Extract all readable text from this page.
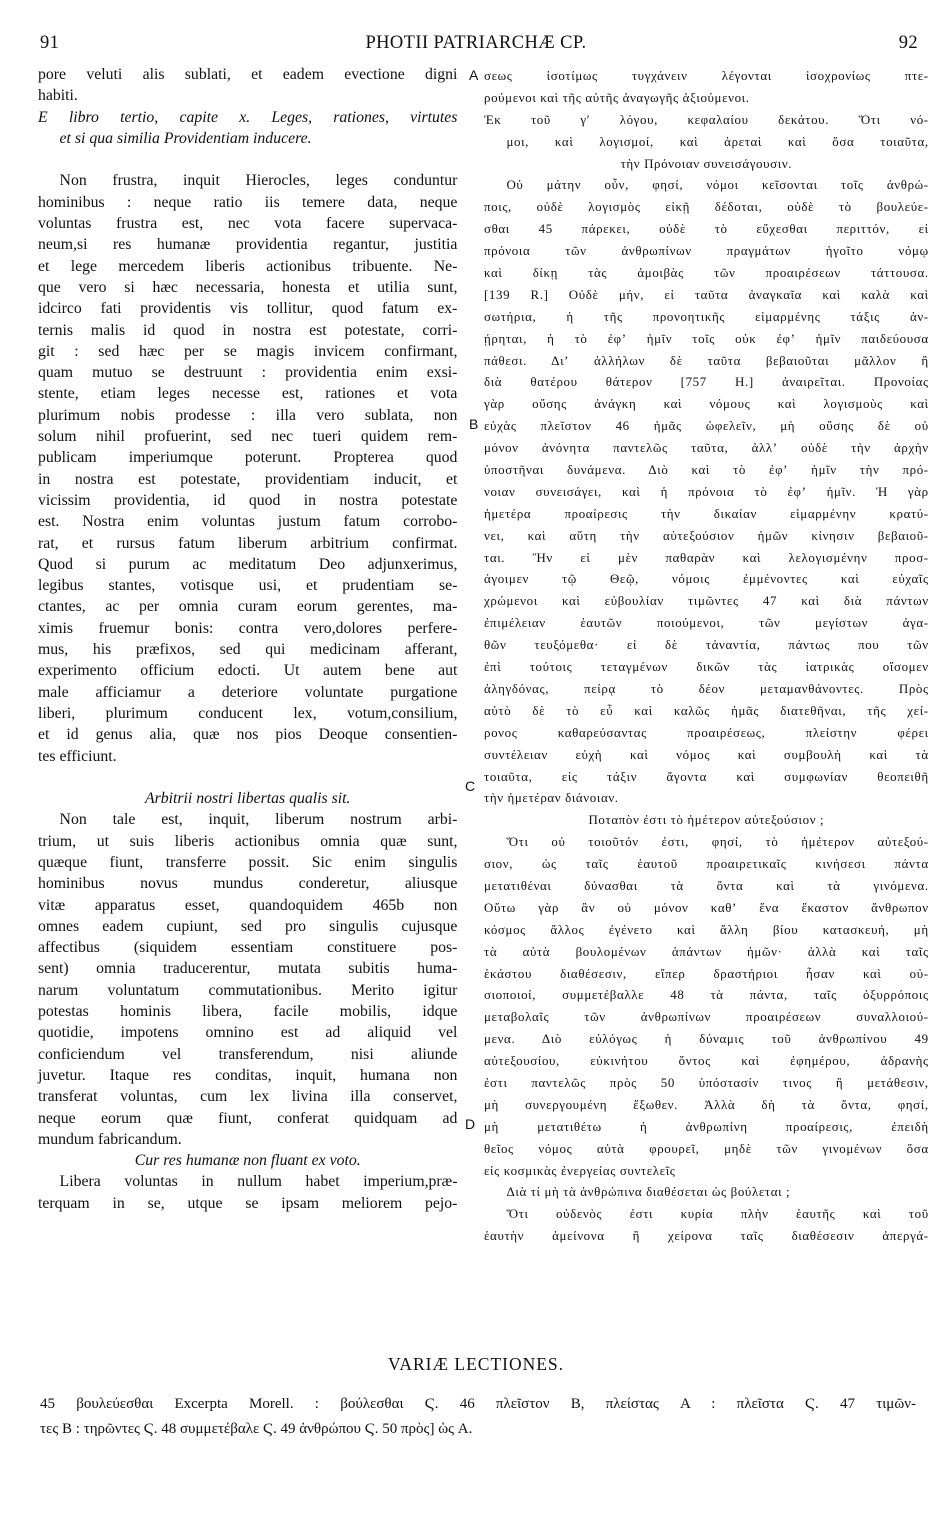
91	PHOTII PATRIARCHÆ CP.	92
A
B
C
D
pore veluti alis sublati, et eadem evectione digni
habiti.
E libro tertio, capite x. Leges, rationes, virtutes
et si qua similia Providentiam inducere.
Non frustra, inquit Hierocles, leges conduntur
hominibus : neque ratio iis temere data, neque
voluntas frustra est, nec vota facere supervaca-
neum,si res humanæ providentia regantur, justitia
et lege mercedem liberis actionibus tribuente. Ne-
que vero si hæc necessaria, honesta et utilia sunt,
idcirco fati providentis vis tollitur, quod fatum ex-
ternis malis id quod in nostra est potestate, corri-
git : sed hæc per se magis invicem confirmant,
quam mutuo se destruunt : providentia enim exsi-
stente, etiam leges necesse est, rationes et vota
plurimum nobis prodesse : illa vero sublata, non
solum nihil profuerint, sed nec tueri quidem rem-
publicam imperiumque poterunt. Propterea quod
in nostra est potestate, providentiam inducit, et
vicissim providentia, id quod in nostra potestate
est. Nostra enim voluntas justum fatum corrobo-
rat, et rursus fatum liberum arbitrium confirmat.
Quod si purum ac meditatum Deo adjunxerimus,
legibus stantes, votisque usi, et prudentiam se-
ctantes, ac per omnia curam eorum gerentes, ma-
ximis fruemur bonis: contra vero,dolores perfere-
mus, his præfixos, sed qui medicinam afferant,
experimento officium edocti. Ut autem bene aut
male afficiamur a deteriore voluntate purgatione
liberi, plurimum conducent lex, votum,consilium,
et id genus alia, quæ nos pios Deoque consentien-
tes efficiunt.
Arbitrii nostri libertas qualis sit.
Non tale est, inquit, liberum nostrum arbi-
trium, ut suis liberis actionibus omnia quæ sunt,
quæque fiunt, transferre possit. Sic enim singulis
hominibus novus mundus conderetur, aliusque
vitæ apparatus esset, quandoquidem 465b non
omnes eadem cupiunt, sed pro singulis cujusque
affectibus (siquidem essentiam constituere pos-
sent) omnia traducerentur, mutata subitis huma-
narum voluntatum commutationibus. Merito igitur
potestas hominis libera, facile mobilis, idque
quotidie, impotens omnino est ad aliquid vel
conficiendum vel transferendum, nisi aliunde
juvetur. Itaque res conditas, inquit, humana non
transferat voluntas, cum lex livina illa conservet,
neque eorum quæ fiunt, conferat quidquam ad
mundum fabricandum.
Cur res humanæ non fluant ex voto.
Libera voluntas in nullum habet imperium,præ-
terquam in se, utque se ipsam meliorem pejo-
σεως ἰσοτίμως τυγχάνειν λέγονται ἰσοχρονίως πτε-
ρούμενοι καὶ τῆς αὐτῆς ἀναγωγῆς ἀξιούμενοι.
Ἐκ τοῦ γʹ λόγου, κεφαλαίου δεκάτου. Ὅτι νό-
μοι, καὶ λογισμοί, καὶ ἀρεταὶ καὶ ὅσα τοιαῦτα,
τὴν Πρόνοιαν συνεισάγουσιν.
Οὐ μάτην οὖν, φησί, νόμοι κεῖσονται τοῖς ἀνθρώ-
ποις, οὐδὲ λογισμὸς εἰκῇ δέδοται, οὐδὲ τὸ βουλεύε-
σθαι 45 πάρεκει, οὐδὲ τὸ εὔχεσθαι περιττόν, εἰ
πρόνοια τῶν ἀνθρωπίνων πραγμάτων ἡγοῖτο νόμῳ
καὶ δίκῃ τὰς ἀμοιβὰς τῶν προαιρέσεων τάττουσα.
[139 R.] Οὐδὲ μήν, εἰ ταῦτα ἀναγκαῖα καὶ καλὰ καὶ
σωτήρια, ἡ τῆς προνοητικῆς εἱμαρμένης τάξις ἀν-
ῄρηται, ἡ τὸ ἐφʼ ἡμῖν τοῖς οὐκ ἐφʼ ἡμῖν παιδεύουσα
πάθεσι. Διʼ ἀλλήλων δὲ ταῦτα βεβαιοῦται μᾶλλον ἢ
διὰ θατέρου θάτερον [757 H.] ἀναιρεῖται. Προνοίας
γὰρ οὔσης ἀνάγκη καὶ νόμους καὶ λογισμοὺς καὶ
εὐχὰς πλεῖστον 46 ἡμᾶς ὠφελεῖν, μὴ οὔσης δὲ οὐ
μόνον ἀνόνητα παντελῶς ταῦτα, ἀλλʼ οὐδὲ τὴν ἀρχὴν
ὑποστῆναι δυνάμενα. Διὸ καὶ τὸ ἐφʼ ἡμῖν τὴν πρό-
νοιαν συνεισάγει, καὶ ἡ πρόνοια τὸ ἐφʼ ἡμῖν. Ἡ γὰρ
ἡμετέρα προαίρεσις τὴν δικαίαν εἱμαρμένην κρατύ-
νει, καὶ αὕτη τὴν αὐτεξούσιον ἡμῶν κίνησιν βεβαιοῦ-
ται. Ἢν εἰ μὲν παθαρὰν καὶ λελογισμένην προσ-
άγοιμεν τῷ Θεῷ, νόμοις ἐμμένοντες καὶ εὐχαῖς
χρώμενοι καὶ εὐβουλίαν τιμῶντες 47 καὶ διὰ πάντων
ἐπιμέλειαν ἑαυτῶν ποιούμενοι, τῶν μεγίστων ἀγα-
θῶν τευξόμεθα· εἰ δὲ τἀναντία, πάντως που τῶν
ἐπὶ τούτοις τεταγμένων δικῶν τὰς ἰατρικὰς οἴσομεν
ἀληγδόνας, πείρᾳ τὸ δέον μεταμανθάνοντες. Πρὸς
αὐτὸ δὲ τὸ εὖ καὶ καλῶς ἡμᾶς διατεθῆναι, τῆς χεί-
ρονος καθαρεύσαντας προαιρέσεως, πλείστην φέρει
συντέλειαν εὐχὴ καὶ νόμος καὶ συμβουλὴ καὶ τὰ
τοιαῦτα, εἰς τάξιν ἄγοντα καὶ συμφωνίαν θεοπειθῆ
τὴν ἡμετέραν διάνοιαν.
Ποταπὸν ἐστι τὸ ἡμέτερον αὐτεξούσιον ;
Ὅτι οὐ τοιοῦτόν ἐστι, φησί, τὸ ἡμέτερον αὐτεξού-
σιον, ὡς ταῖς ἑαυτοῦ προαιρετικαῖς κινήσεσι πάντα
μετατιθέναι δύνασθαι τὰ ὄντα καὶ τὰ γινόμενα.
Οὕτω γὰρ ἂν οὐ μόνον καθʼ ἕνα ἕκαστον ἄνθρωπον
κόσμος ἄλλος ἐγένετο καὶ ἄλλη βίου κατασκευή, μὴ
τὰ αὐτὰ βουλομένων ἁπάντων ἡμῶν· ἀλλὰ καὶ ταῖς
ἑκάστου διαθέσεσιν, εἴπερ δραστήριοι ἦσαν καὶ οὐ-
σιοποιοί, συμμετέβαλλε 48 τὰ πάντα, ταῖς ὀξυρρόποις
μεταβολαῖς τῶν ἀνθρωπίνων προαιρέσεων συναλλοιού-
μενα. Διὸ εὐλόγως ἡ δύναμις τοῦ ἀνθρωπίνου 49
αὐτεξουσίου, εὐκινήτου ὄντος καὶ ἐφημέρου, ἀδρανὴς
ἐστι παντελῶς πρὸς 50 ὑπόστασίν τινος ἢ μετάθεσιν,
μὴ συνεργουμένη ἔξωθεν. Ἀλλὰ δὴ τὰ ὄντα, φησί,
μὴ μετατιθέτω ἡ ἀνθρωπίνη προαίρεσις, ἐπειδὴ
θεῖος νόμος αὐτὰ φρουρεῖ, μηδὲ τῶν γινομένων ὅσα
εἰς κοσμικὰς ἐνεργείας συντελεῖς
Διὰ τί μὴ τὰ ἀνθρώπινα διαθέσεται ὡς βούλεται ;
Ὅτι οὐδενὸς ἐστι κυρία πλὴν ἑαυτῆς καὶ τοῦ
ἑαυτὴν ἀμείνονα ἢ χείρονα ταῖς διαθέσεσιν ἀπεργά-
VARIÆ LECTIONES.
45 βουλεύεσθαι Excerpta Morell. : βούλεσθαι Ϛ. 46 πλεῖστον B, πλείστας A : πλεῖστα Ϛ. 47 τιμῶν-
τες B : τηρῶντες Ϛ. 48 συμμετέβαλε Ϛ. 49 ἀνθρώπου Ϛ. 50 πρὸς] ὡς A.
